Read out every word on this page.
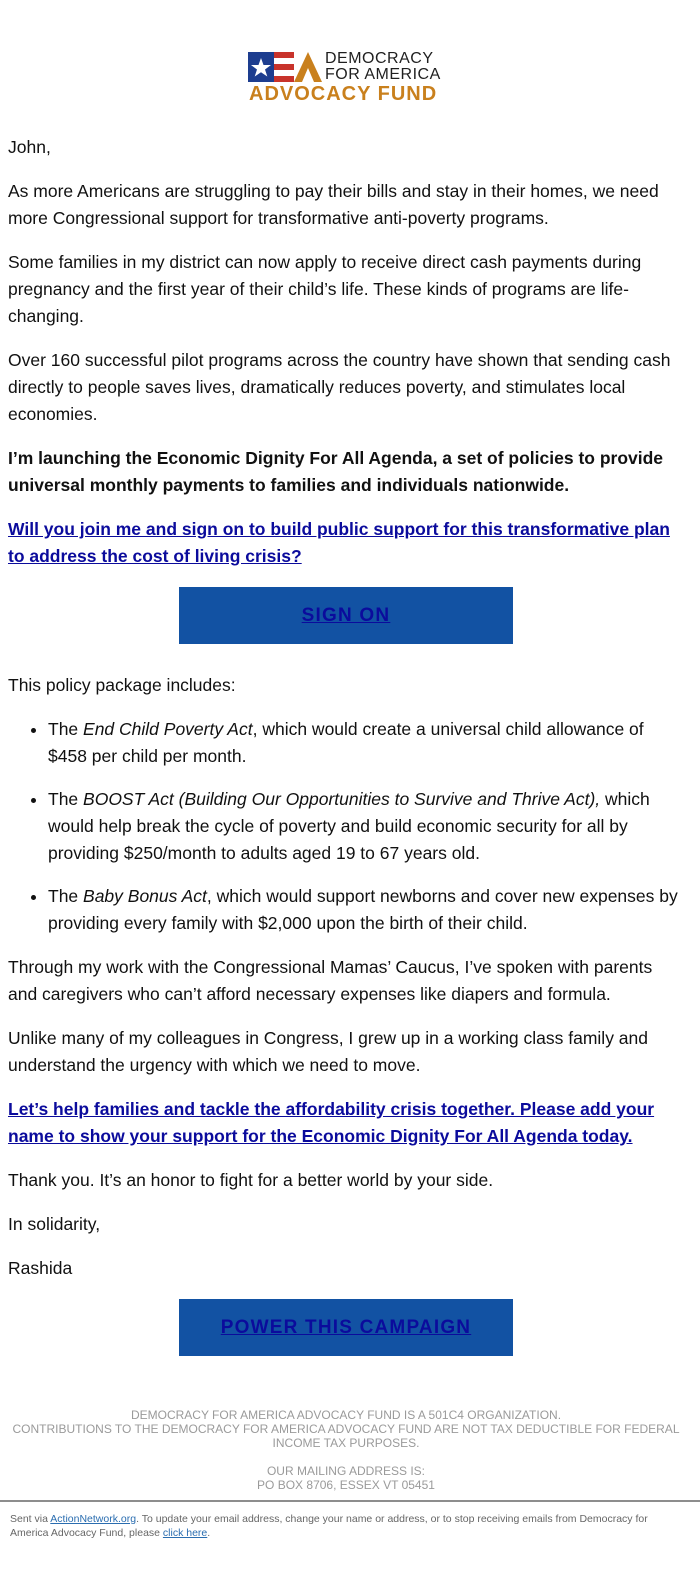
DEMOCRACY
FOR AMERICA
ADVOCACY FUND

John,

As more Americans are struggling to pay their bills and stay in their homes, we need more Congressional support for transformative anti-poverty programs.

Some families in my district can now apply to receive direct cash payments during pregnancy and the first year of their child’s life. These kinds of programs are life-changing.

Over 160 successful pilot programs across the country have shown that sending cash directly to people saves lives, dramatically reduces poverty, and stimulates local economies.

I’m launching the Economic Dignity For All Agenda, a set of policies to provide universal monthly payments to families and individuals nationwide.

Will you join me and sign on to build public support for this transformative plan to address the cost of living crisis?

SIGN ON

This policy package includes:

• The End Child Poverty Act, which would create a universal child allowance of $458 per child per month.
• The BOOST Act (Building Our Opportunities to Survive and Thrive Act), which would help break the cycle of poverty and build economic security for all by providing $250/month to adults aged 19 to 67 years old.
• The Baby Bonus Act, which would support newborns and cover new expenses by providing every family with $2,000 upon the birth of their child.

Through my work with the Congressional Mamas’ Caucus, I’ve spoken with parents and caregivers who can’t afford necessary expenses like diapers and formula.

Unlike many of my colleagues in Congress, I grew up in a working class family and understand the urgency with which we need to move.

Let’s help families and tackle the affordability crisis together. Please add your name to show your support for the Economic Dignity For All Agenda today.

Thank you. It’s an honor to fight for a better world by your side.

In solidarity,

Rashida

POWER THIS CAMPAIGN

DEMOCRACY FOR AMERICA ADVOCACY FUND IS A 501C4 ORGANIZATION.

CONTRIBUTIONS TO THE DEMOCRACY FOR AMERICA ADVOCACY FUND ARE NOT TAX DEDUCTIBLE FOR FEDERAL INCOME TAX PURPOSES.

OUR MAILING ADDRESS IS:

PO BOX 8706, ESSEX VT 05451

Sent via ActionNetwork.org. To update your email address, change your name or address, or to stop receiving emails from Democracy for America Advocacy Fund, please click here.
